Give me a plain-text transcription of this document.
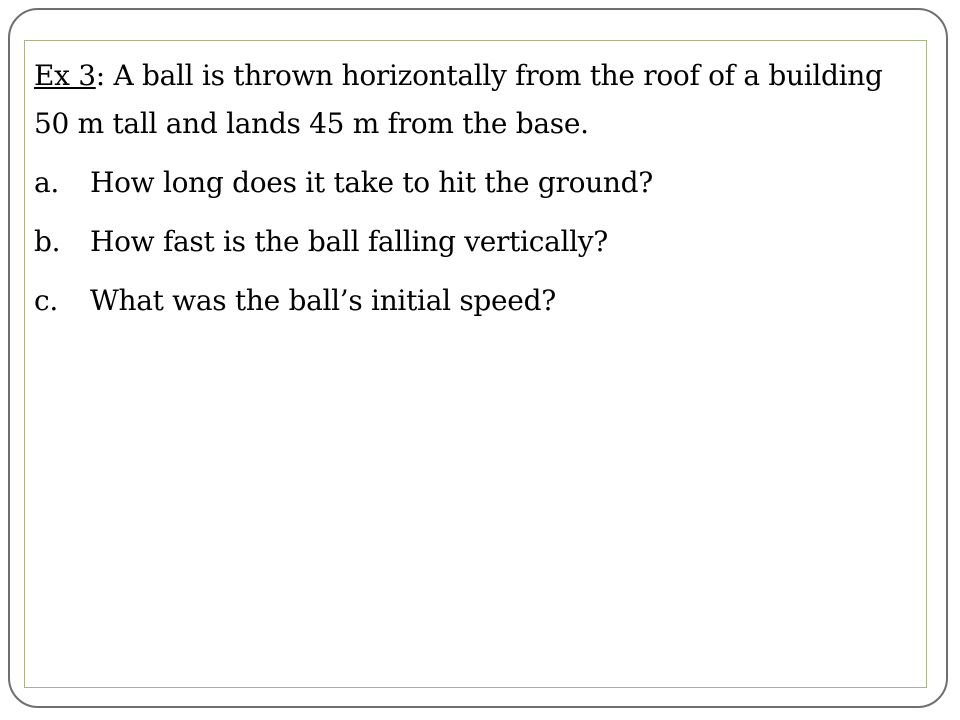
Ex 3: A ball is thrown horizontally from the roof of a building 50 m tall and lands 45 m from the base.

a.	How long does it take to hit the ground?
b.	How fast is the ball falling vertically?
c.	What was the ball’s initial speed?
